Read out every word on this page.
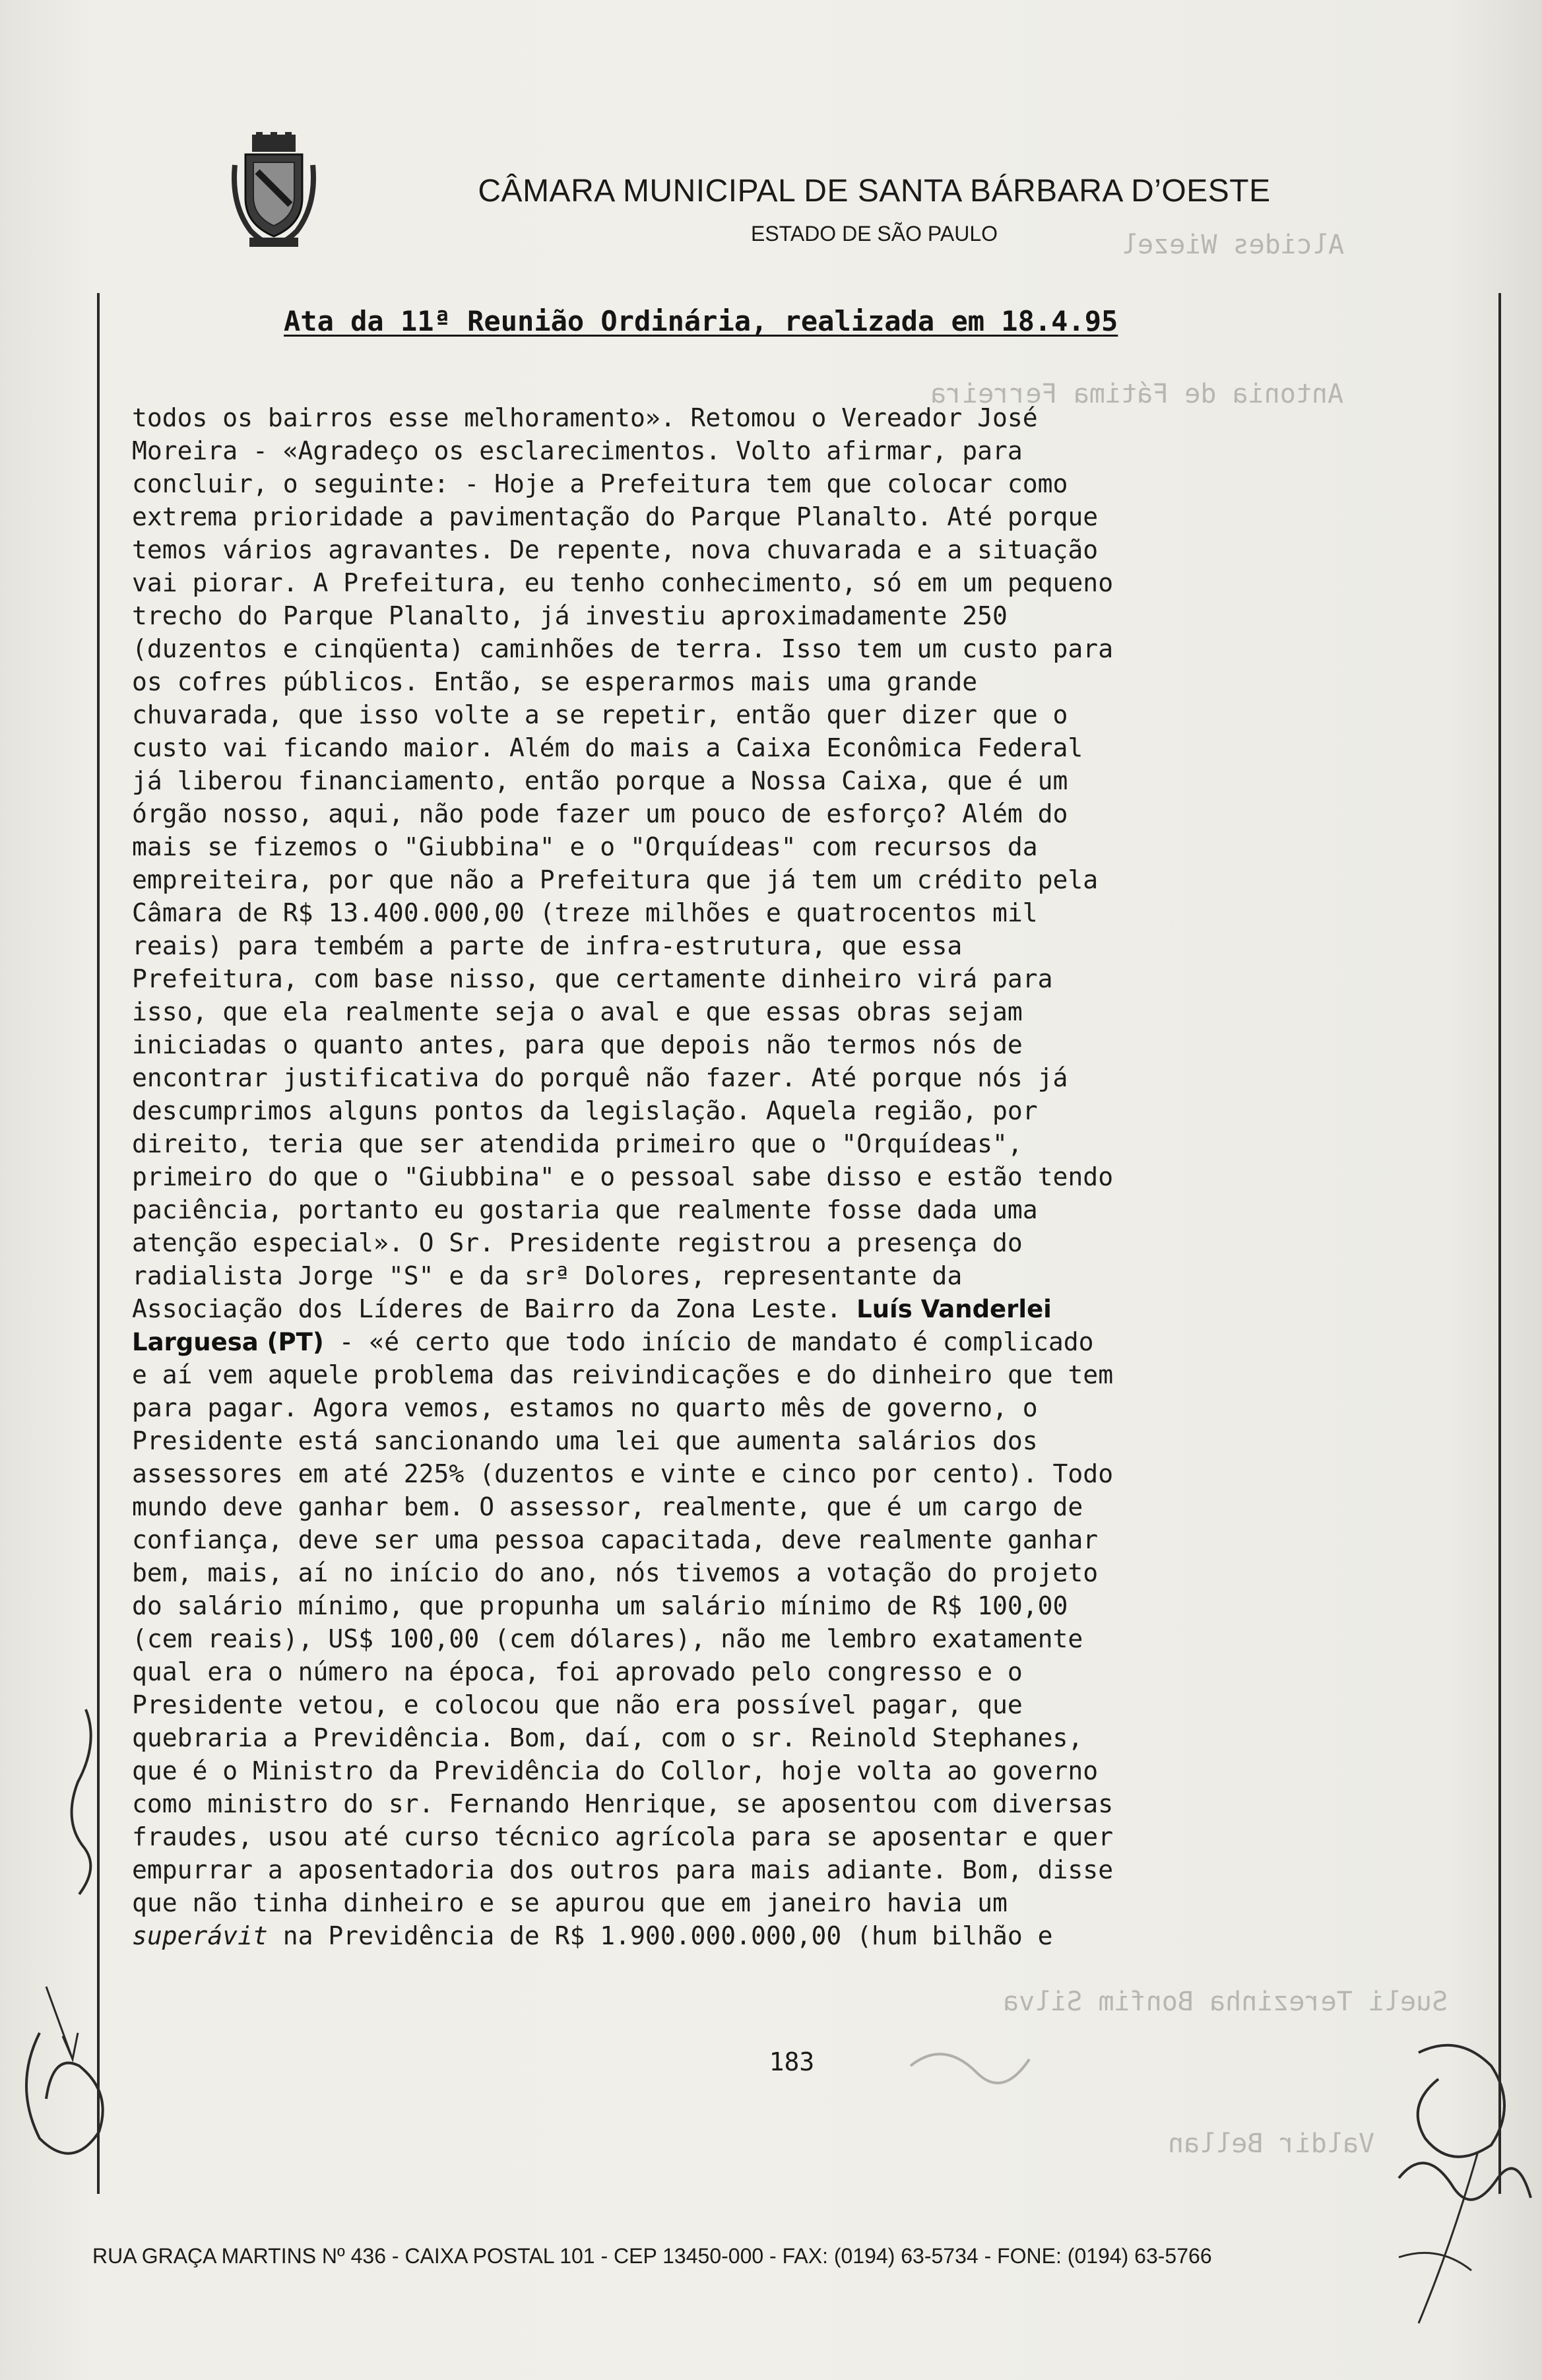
Alcides Wiezel
Antonia de Fátima Ferreira
Sueli Terezinha Bonfim Silva
Valdir Bellan
CÂMARA MUNICIPAL DE SANTA BÁRBARA D’OESTE
ESTADO DE SÃO PAULO
Ata da 11ª Reunião Ordinária, realizada em 18.4.95
todos os bairros esse melhoramento». Retomou o Vereador José
Moreira - «Agradeço os esclarecimentos. Volto afirmar, para
concluir, o seguinte: - Hoje a Prefeitura tem que colocar como
extrema prioridade a pavimentação do Parque Planalto. Até porque
temos vários agravantes. De repente, nova chuvarada e a situação
vai piorar. A Prefeitura, eu tenho conhecimento, só em um pequeno
trecho do Parque Planalto, já investiu aproximadamente 250
(duzentos e cinqüenta) caminhões de terra. Isso tem um custo para
os cofres públicos. Então, se esperarmos mais uma grande
chuvarada, que isso volte a se repetir, então quer dizer que o
custo vai ficando maior. Além do mais a Caixa Econômica Federal
já liberou financiamento, então porque a Nossa Caixa, que é um
órgão nosso, aqui, não pode fazer um pouco de esforço? Além do
mais se fizemos o "Giubbina" e o "Orquídeas" com recursos da
empreiteira, por que não a Prefeitura que já tem um crédito pela
Câmara de R$ 13.400.000,00 (treze milhões e quatrocentos mil
reais) para tembém a parte de infra-estrutura, que essa
Prefeitura, com base nisso, que certamente dinheiro virá para
isso, que ela realmente seja o aval e que essas obras sejam
iniciadas o quanto antes, para que depois não termos nós de
encontrar justificativa do porquê não fazer. Até porque nós já
descumprimos alguns pontos da legislação. Aquela região, por
direito, teria que ser atendida primeiro que o "Orquídeas",
primeiro do que o "Giubbina" e o pessoal sabe disso e estão tendo
paciência, portanto eu gostaria que realmente fosse dada uma
atenção especial». O Sr. Presidente registrou a presença do
radialista Jorge "S" e da srª Dolores, representante da
Associação dos Líderes de Bairro da Zona Leste. Luís Vanderlei
Larguesa (PT) - «é certo que todo início de mandato é complicado
e aí vem aquele problema das reivindicações e do dinheiro que tem
para pagar. Agora vemos, estamos no quarto mês de governo, o
Presidente está sancionando uma lei que aumenta salários dos
assessores em até 225% (duzentos e vinte e cinco por cento). Todo
mundo deve ganhar bem. O assessor, realmente, que é um cargo de
confiança, deve ser uma pessoa capacitada, deve realmente ganhar
bem, mais, aí no início do ano, nós tivemos a votação do projeto
do salário mínimo, que propunha um salário mínimo de R$ 100,00
(cem reais), US$ 100,00 (cem dólares), não me lembro exatamente
qual era o número na época, foi aprovado pelo congresso e o
Presidente vetou, e colocou que não era possível pagar, que
quebraria a Previdência. Bom, daí, com o sr. Reinold Stephanes,
que é o Ministro da Previdência do Collor, hoje volta ao governo
como ministro do sr. Fernando Henrique, se aposentou com diversas
fraudes, usou até curso técnico agrícola para se aposentar e quer
empurrar a aposentadoria dos outros para mais adiante. Bom, disse
que não tinha dinheiro e se apurou que em janeiro havia um
superávit na Previdência de R$ 1.900.000.000,00 (hum bilhão e
183
RUA GRAÇA MARTINS Nº 436 - CAIXA POSTAL 101 - CEP 13450-000 - FAX: (0194) 63-5734 - FONE: (0194) 63-5766
